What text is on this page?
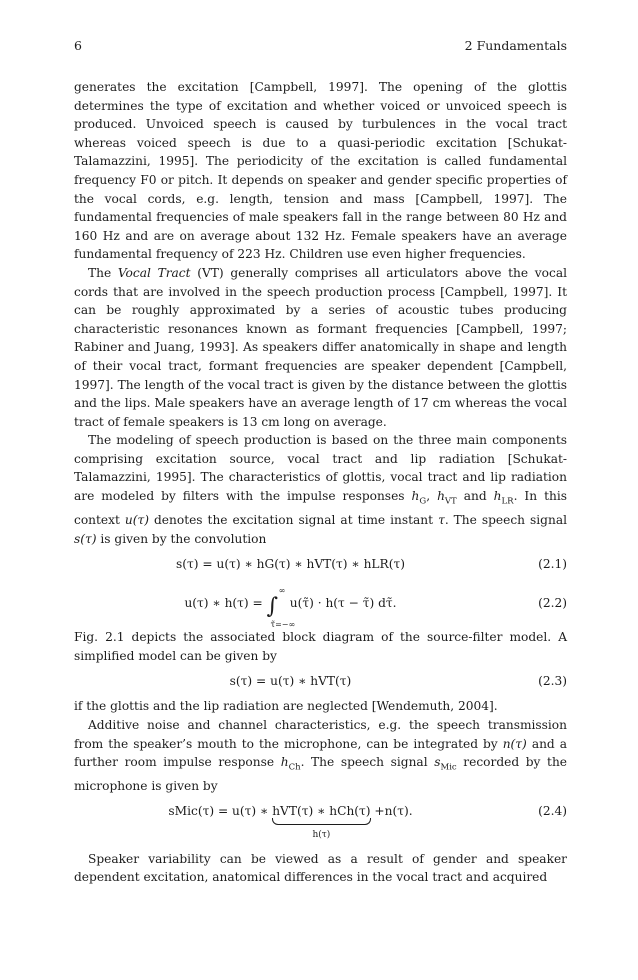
6	2 Fundamentals

generates the excitation [Campbell, 1997]. The opening of the glottis determines the type of excitation and whether voiced or unvoiced speech is produced. Unvoiced speech is caused by turbulences in the vocal tract whereas voiced speech is due to a quasi-periodic excitation [Schukat-Talamazzini, 1995]. The periodicity of the excitation is called fundamental frequency F0 or pitch. It depends on speaker and gender specific properties of the vocal cords, e.g. length, tension and mass [Campbell, 1997]. The fundamental frequencies of male speakers fall in the range between 80 Hz and 160 Hz and are on average about 132 Hz. Female speakers have an average fundamental frequency of 223 Hz. Children use even higher frequencies.

The Vocal Tract (VT) generally comprises all articulators above the vocal cords that are involved in the speech production process [Campbell, 1997]. It can be roughly approximated by a series of acoustic tubes producing characteristic resonances known as formant frequencies [Campbell, 1997; Rabiner and Juang, 1993]. As speakers differ anatomically in shape and length of their vocal tract, formant frequencies are speaker dependent [Campbell, 1997]. The length of the vocal tract is given by the distance between the glottis and the lips. Male speakers have an average length of 17 cm whereas the vocal tract of female speakers is 13 cm long on average.

The modeling of speech production is based on the three main components comprising excitation source, vocal tract and lip radiation [Schukat-Talamazzini, 1995]. The characteristics of glottis, vocal tract and lip radiation are modeled by filters with the impulse responses $h_G$, $h_{VT}$ and $h_{LR}$. In this context u(τ) denotes the excitation signal at time instant τ. The speech signal s(τ) is given by the convolution

s(τ) = u(τ) ∗ hG(τ) ∗ hVT(τ) ∗ hLR(τ)	(2.1)
u(τ) ∗ h(τ) = ∫
∞
τ̃=−∞
u(τ̃) · h(τ − τ̃) dτ̃.	(2.2)

Fig. 2.1 depicts the associated block diagram of the source-filter model. A simplified model can be given by

s(τ) = u(τ) ∗ hVT(τ)	(2.3)

if the glottis and the lip radiation are neglected [Wendemuth, 2004].

Additive noise and channel characteristics, e.g. the speech transmission from the speaker’s mouth to the microphone, can be integrated by n(τ) and a further room impulse response $h_{Ch}$. The speech signal $s_{Mic}$ recorded by the microphone is given by

sMic(τ) = u(τ) ∗ hVT(τ) ∗ hCh(τ)
h(τ)
+n(τ).	(2.4)

Speaker variability can be viewed as a result of gender and speaker dependent excitation, anatomical differences in the vocal tract and acquired
